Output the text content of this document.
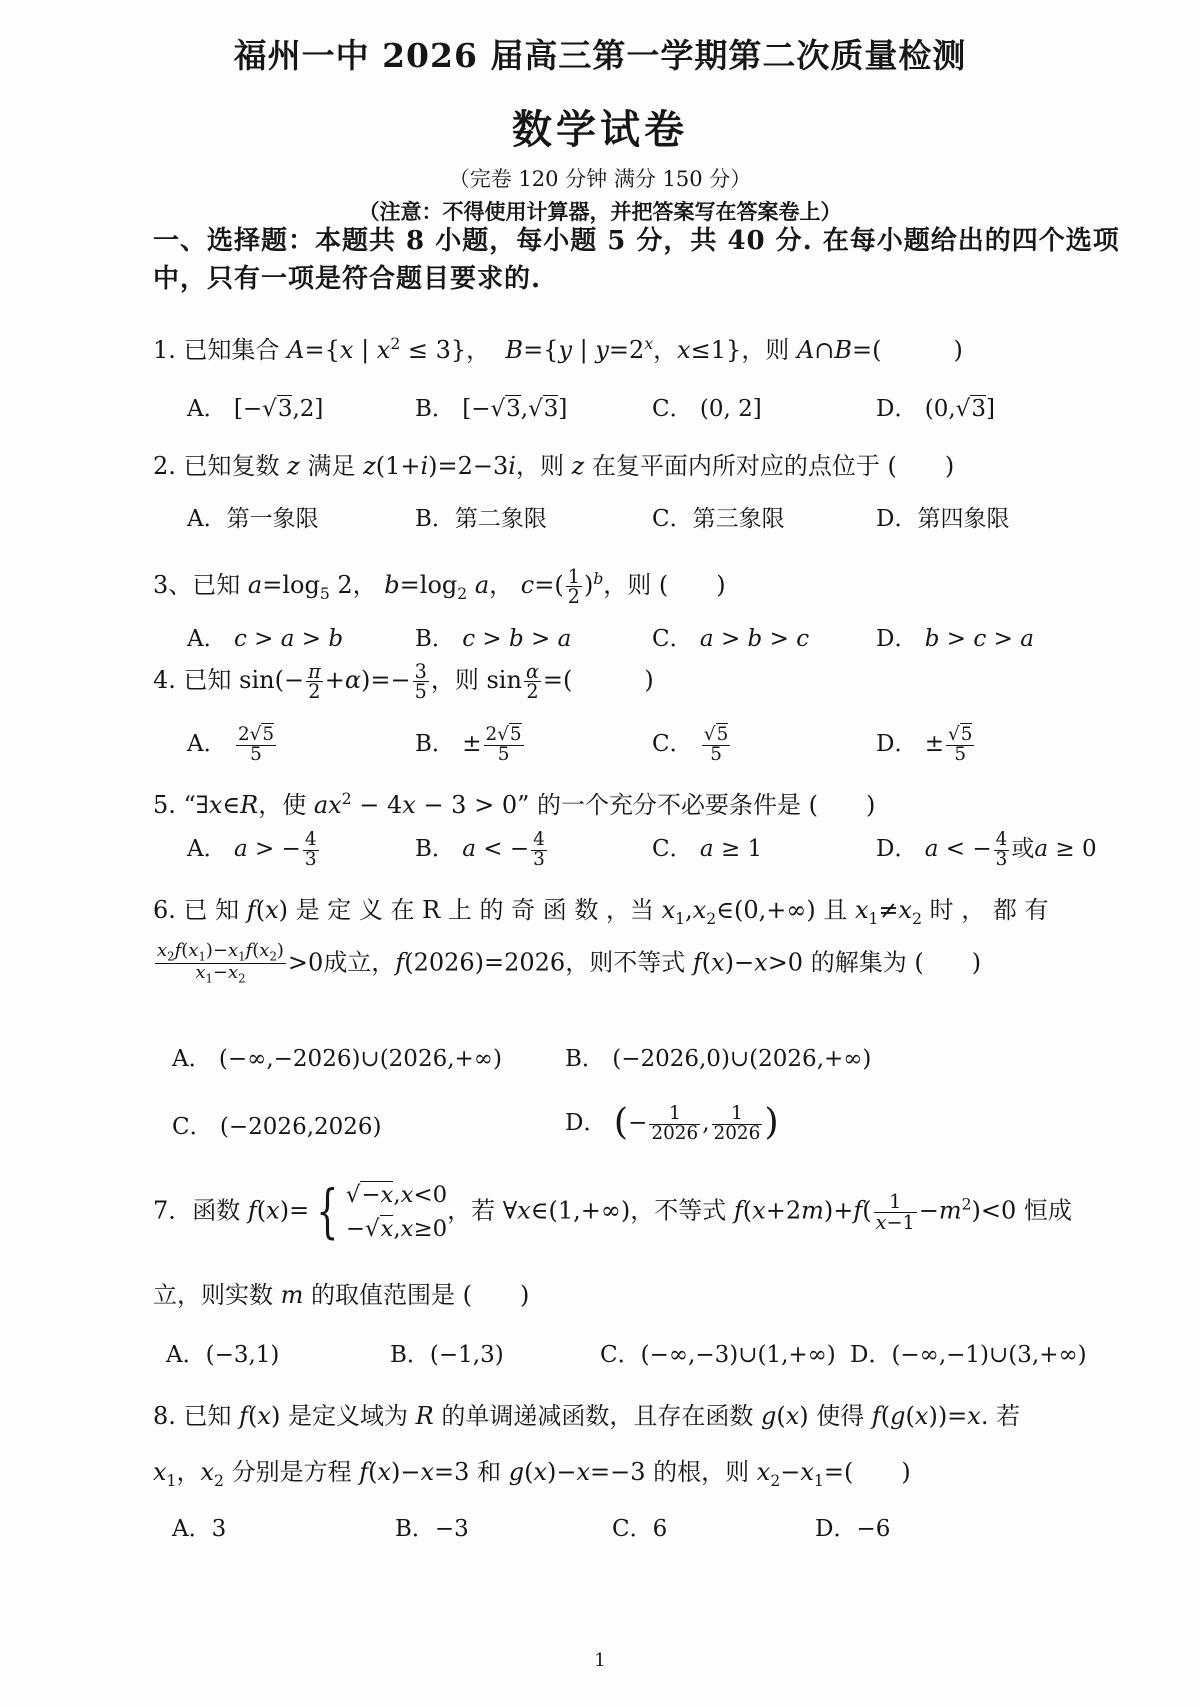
福州一中 2026 届高三第一学期第二次质量检测
数学试卷
（完卷 120 分钟 满分 150 分）
（注意：不得使用计算器，并把答案写在答案卷上）
一、选择题：本题共 8 小题，每小题 5 分，共 40 分. 在每小题给出的四个选项
中，只有一项是符合题目要求的.
1. 已知集合 A={x | $x^2 \le 3$}， B={y | $y=2^x$，x≤1}，则 A∩B=(　　　)
A． [−√3,2]	B． [−√3,√3]	C． (0, 2]	D． (0,√3]
2. 已知复数 z 满足 z(1+i)=2−3i，则 z 在复平面内所对应的点位于 (　　)
A．第一象限	B．第二象限	C．第三象限	D．第四象限
3、已知 $a=\log_5$ 2， $b=\log_2$ a， $c=( \frac{1}{2} )^b$，则 (　　)
A． c > a > b	B． c > b > a	C． a > b > c	D． b > c > a
4. 已知 $\sin(- \frac{\pi}{2} +\alpha)=- \frac{3}{5}$ ，则 $\sin \frac{\alpha}{2}$ =(　　　)
A． $\frac{2√5}{5}$	B． ± $\frac{2√5}{5}$	C． $\frac{√5}{5}$	D． ± $\frac{√5}{5}$
5. “∃x∈R，使 $ax^2 - 4x - 3 > 0$” 的一个充分不必要条件是 (　　)
A． a > − $\frac{4}{3}$	B． a < − $\frac{4}{3}$	C． a ≥ 1	D． a < − $\frac{4}{3}$ 或a ≥ 0
6. 已 知 f(x) 是 定 义 在 R 上 的 奇 函 数 ，当 $x_1,x_2\in(0,+\infty)$ 且 $x_1\ne x_2$ 时 ， 都 有
$\frac{x_2f(x_1)-x_1f(x_2)}{x_1-x_2} >0$成立，f(2026)=2026，则不等式 f(x)−x>0 的解集为 (　　)
A． (−∞,−2026)∪(2026,+∞)	B． (−2026,0)∪(2026,+∞)
C． (−2026,2026)	D． (− $\frac{1}{2026}$ , $\frac{1}{2026}$ )
7．函数 f(x)= { √−x,x<0
−√x,x≥0
，若 ∀x∈(1,+∞)，不等式 $f(x+2m)+f( \frac{1}{x-1} -m^2)<0$ 恒成
立，则实数 m 的取值范围是 (　　)
A．(−3,1)	B．(−1,3)	C．(−∞,−3)∪(1,+∞) D．(−∞,−1)∪(3,+∞)
8. 已知 f(x) 是定义域为 R 的单调递减函数，且存在函数 g(x) 使得 f(g(x))=x. 若
$x_1$，$x_2$ 分别是方程 f(x)−x=3 和 g(x)−x=−3 的根，则 $x_2-x_1=$(　　)
A．3	B．−3	C．6	D．−6
1
